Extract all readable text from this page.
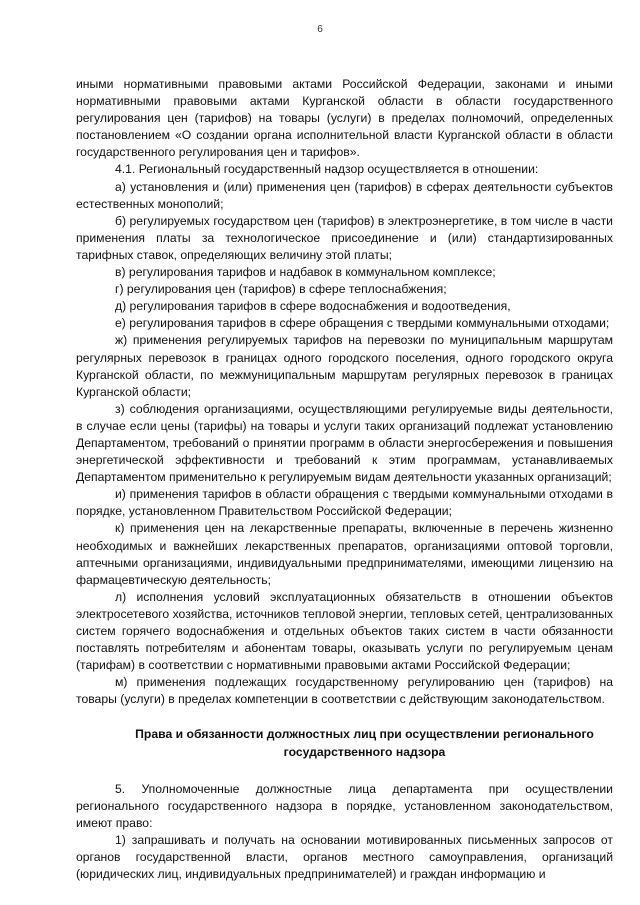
6

иными нормативными правовыми актами Российской Федерации, законами и иными нормативными правовыми актами Курганской области в области государственного регулирования цен (тарифов) на товары (услуги) в пределах полномочий, определенных постановлением «О создании органа исполнительной власти Курганской области в области государственного регулирования цен и тарифов».

4.1. Региональный государственный надзор осуществляется в отношении:

а) установления и (или) применения цен (тарифов) в сферах деятельности субъектов естественных монополий;

б) регулируемых государством цен (тарифов) в электроэнергетике, в том числе в части применения платы за технологическое присоединение и (или) стандартизированных тарифных ставок, определяющих величину этой платы;

в) регулирования тарифов и надбавок в коммунальном комплексе;

г) регулирования цен (тарифов) в сфере теплоснабжения;

д) регулирования тарифов в сфере водоснабжения и водоотведения,

е) регулирования тарифов в сфере обращения с твердыми коммунальными отходами;

ж) применения регулируемых тарифов на перевозки по муниципальным маршрутам регулярных перевозок в границах одного городского поселения, одного городского округа Курганской области, по межмуниципальным маршрутам регулярных перевозок в границах Курганской области;

з) соблюдения организациями, осуществляющими регулируемые виды деятельности, в случае если цены (тарифы) на товары и услуги таких организаций подлежат установлению Департаментом, требований о принятии программ в области энергосбережения и повышения энергетической эффективности и требований к этим программам, устанавливаемых Департаментом применительно к регулируемым видам деятельности указанных организаций;

и) применения тарифов в области обращения с твердыми коммунальными отходами в порядке, установленном Правительством Российской Федерации;

к) применения цен на лекарственные препараты, включенные в перечень жизненно необходимых и важнейших лекарственных препаратов, организациями оптовой торговли, аптечными организациями, индивидуальными предпринимателями, имеющими лицензию на фармацевтическую деятельность;

л) исполнения условий эксплуатационных обязательств в отношении объектов электросетевого хозяйства, источников тепловой энергии, тепловых сетей, централизованных систем горячего водоснабжения и отдельных объектов таких систем в части обязанности поставлять потребителям и абонентам товары, оказывать услуги по регулируемым ценам (тарифам) в соответствии с нормативными правовыми актами Российской Федерации;

м) применения подлежащих государственному регулированию цен (тарифов) на товары (услуги) в пределах компетенции в соответствии с действующим законодательством.

Права и обязанности должностных лиц при осуществлении регионального государственного надзора

5. Уполномоченные должностные лица департамента при осуществлении регионального государственного надзора в порядке, установленном законодательством, имеют право:

1) запрашивать и получать на основании мотивированных письменных запросов от органов государственной власти, органов местного самоуправления, организаций (юридических лиц, индивидуальных предпринимателей) и граждан информацию и
